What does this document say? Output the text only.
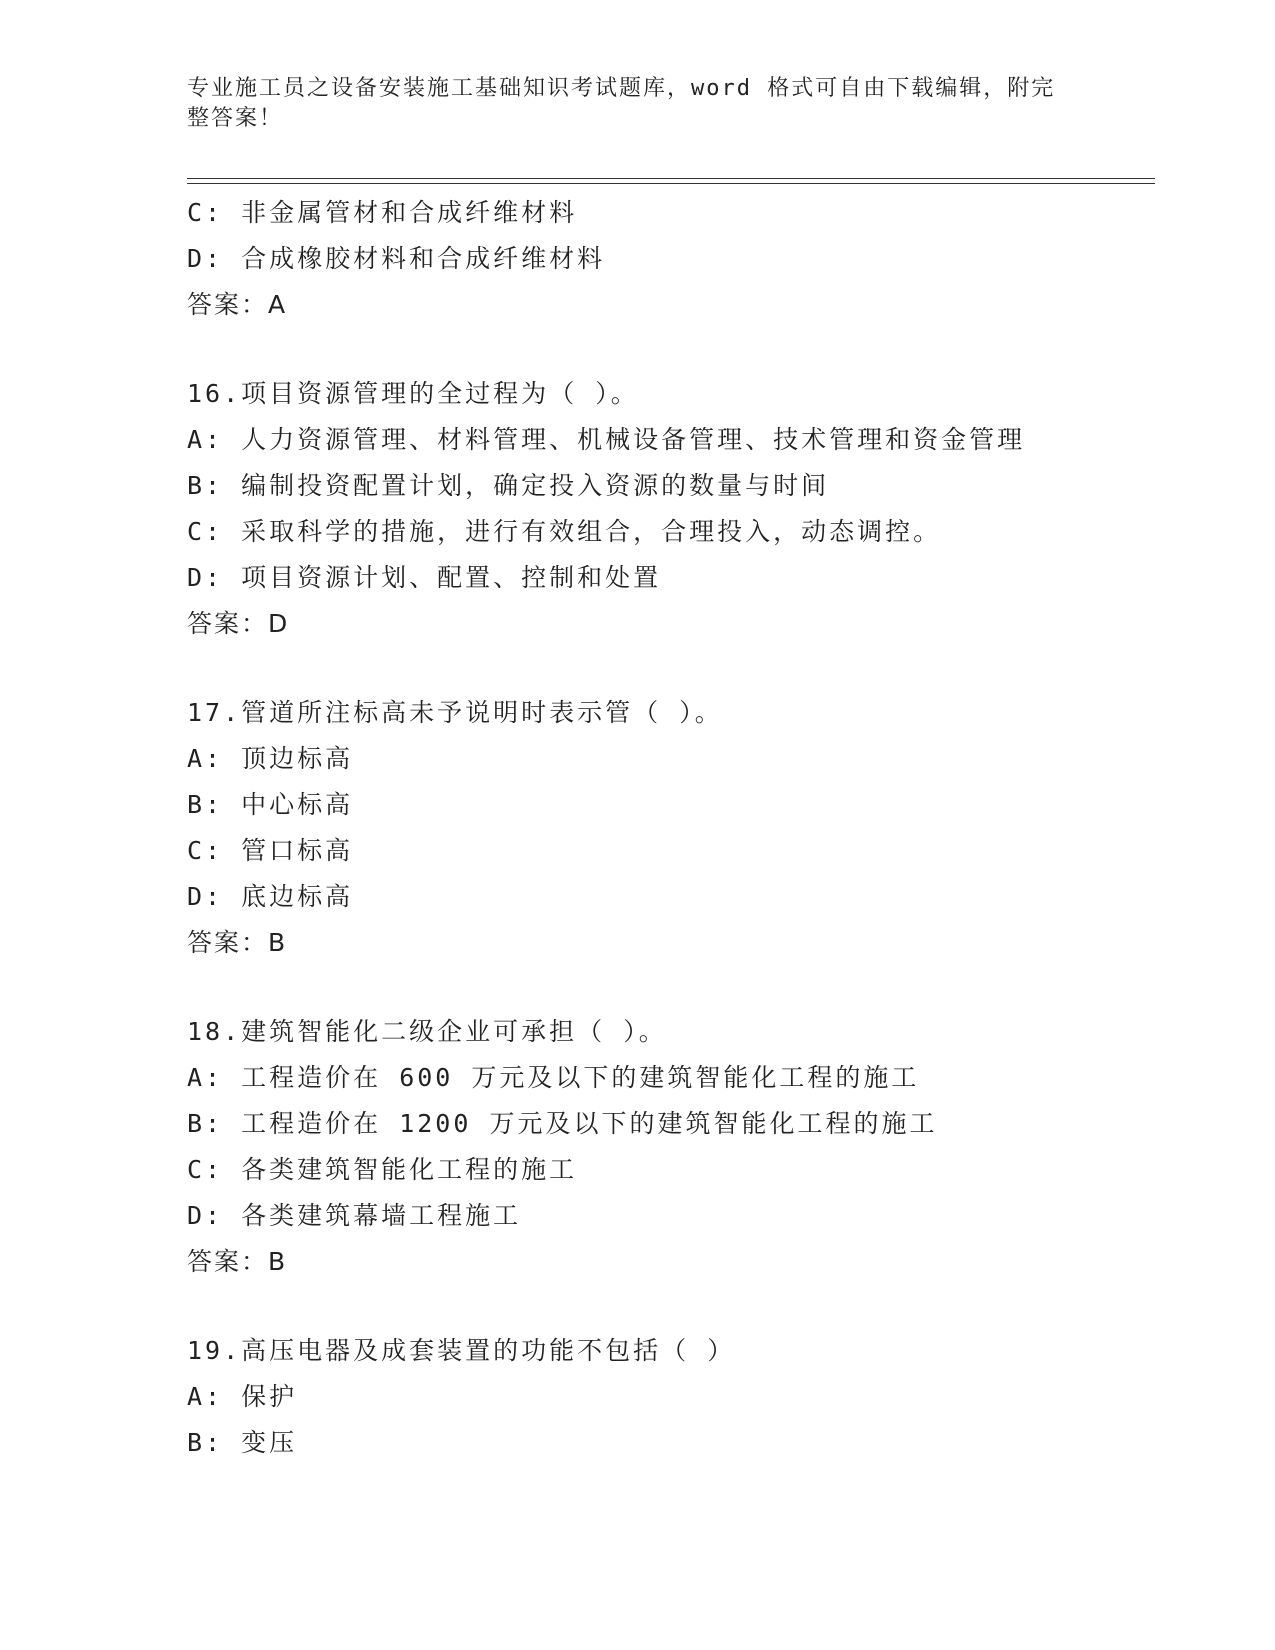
专业施工员之设备安装施工基础知识考试题库，word 格式可自由下载编辑，附完整答案！
C: 非金属管材和合成纤维材料
D: 合成橡胶材料和合成纤维材料
答案：A
16.项目资源管理的全过程为（ ）。
A: 人力资源管理、材料管理、机械设备管理、技术管理和资金管理
B: 编制投资配置计划，确定投入资源的数量与时间
C: 采取科学的措施，进行有效组合，合理投入，动态调控。
D: 项目资源计划、配置、控制和处置
答案：D
17.管道所注标高未予说明时表示管（ ）。
A: 顶边标高
B: 中心标高
C: 管口标高
D: 底边标高
答案：B
18.建筑智能化二级企业可承担（ ）。
A: 工程造价在 600 万元及以下的建筑智能化工程的施工
B: 工程造价在 1200 万元及以下的建筑智能化工程的施工
C: 各类建筑智能化工程的施工
D: 各类建筑幕墙工程施工
答案：B
19.高压电器及成套装置的功能不包括（ ）
A: 保护
B: 变压
